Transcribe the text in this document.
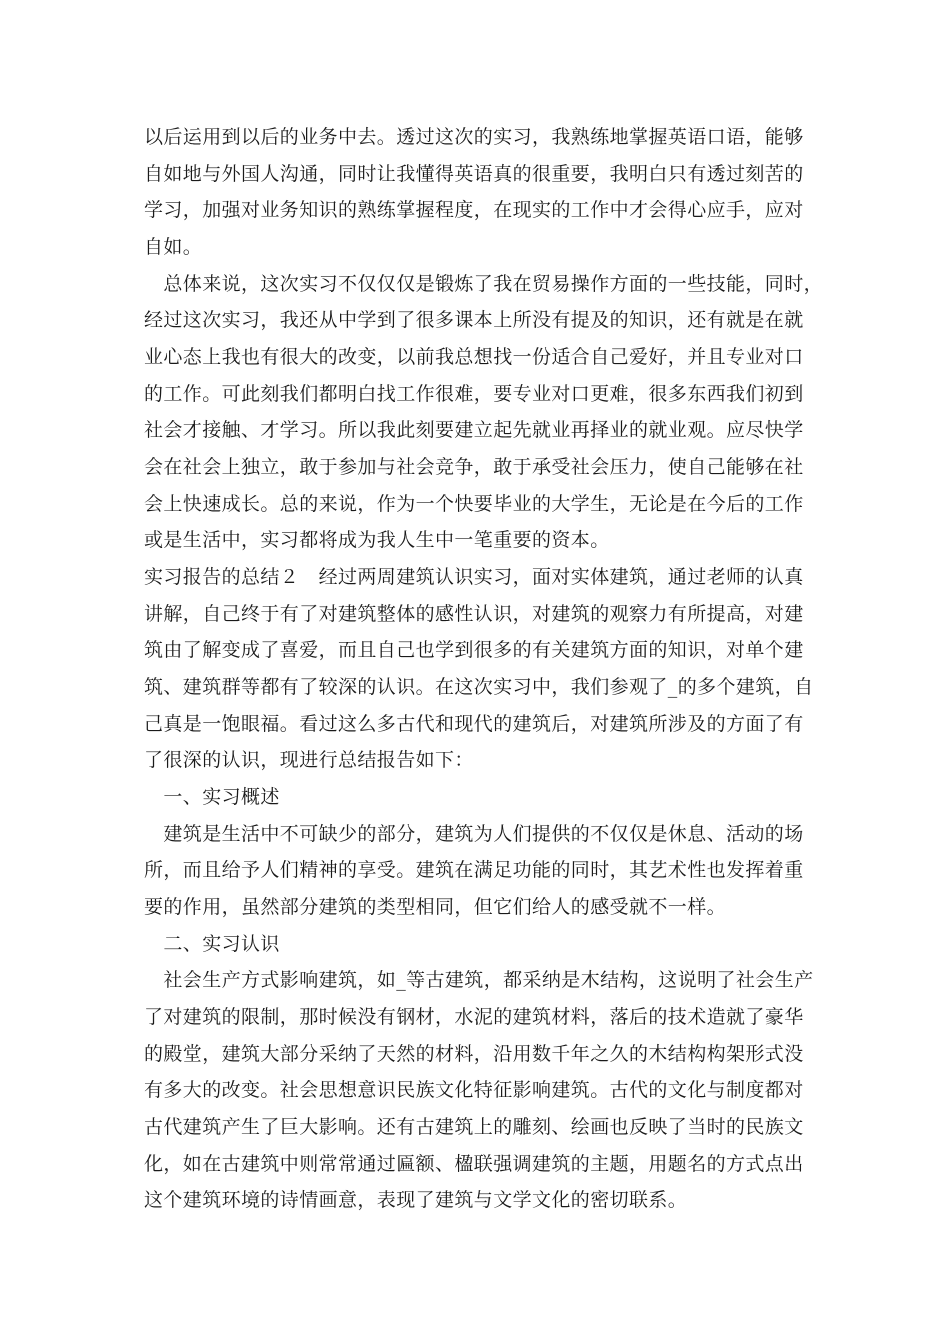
以后运用到以后的业务中去。透过这次的实习，我熟练地掌握英语口语，能够
自如地与外国人沟通，同时让我懂得英语真的很重要，我明白只有透过刻苦的
学习，加强对业务知识的熟练掌握程度，在现实的工作中才会得心应手，应对
自如。
　总体来说，这次实习不仅仅仅是锻炼了我在贸易操作方面的一些技能，同时，
经过这次实习，我还从中学到了很多课本上所没有提及的知识，还有就是在就
业心态上我也有很大的改变，以前我总想找一份适合自己爱好，并且专业对口
的工作。可此刻我们都明白找工作很难，要专业对口更难，很多东西我们初到
社会才接触、才学习。所以我此刻要建立起先就业再择业的就业观。应尽快学
会在社会上独立，敢于参加与社会竞争，敢于承受社会压力，使自己能够在社
会上快速成长。总的来说，作为一个快要毕业的大学生，无论是在今后的工作
或是生活中，实习都将成为我人生中一笔重要的资本。
实习报告的总结２　经过两周建筑认识实习，面对实体建筑，通过老师的认真
讲解，自己终于有了对建筑整体的感性认识，对建筑的观察力有所提高，对建
筑由了解变成了喜爱，而且自己也学到很多的有关建筑方面的知识，对单个建
筑、建筑群等都有了较深的认识。在这次实习中，我们参观了_的多个建筑，自
己真是一饱眼福。看过这么多古代和现代的建筑后，对建筑所涉及的方面了有
了很深的认识，现进行总结报告如下：
　一、实习概述
　建筑是生活中不可缺少的部分，建筑为人们提供的不仅仅是休息、活动的场
所，而且给予人们精神的享受。建筑在满足功能的同时，其艺术性也发挥着重
要的作用，虽然部分建筑的类型相同，但它们给人的感受就不一样。
　二、实习认识
　社会生产方式影响建筑，如_等古建筑，都采纳是木结构，这说明了社会生产
了对建筑的限制，那时候没有钢材，水泥的建筑材料，落后的技术造就了豪华
的殿堂，建筑大部分采纳了天然的材料，沿用数千年之久的木结构构架形式没
有多大的改变。社会思想意识民族文化特征影响建筑。古代的文化与制度都对
古代建筑产生了巨大影响。还有古建筑上的雕刻、绘画也反映了当时的民族文
化，如在古建筑中则常常通过匾额、楹联强调建筑的主题，用题名的方式点出
这个建筑环境的诗情画意，表现了建筑与文学文化的密切联系。
